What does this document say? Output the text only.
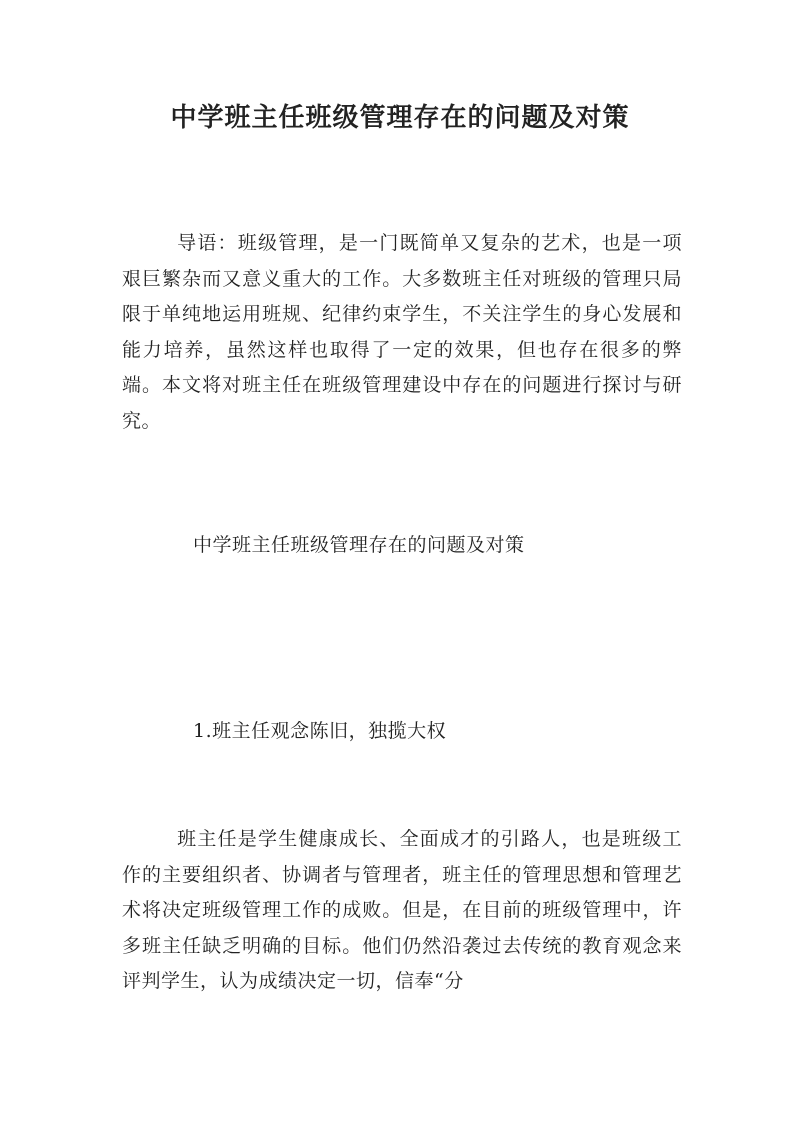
中学班主任班级管理存在的问题及对策

导语：班级管理，是一门既简单又复杂的艺术，也是一项艰巨繁杂而又意义重大的工作。大多数班主任对班级的管理只局限于单纯地运用班规、纪律约束学生，不关注学生的身心发展和能力培养，虽然这样也取得了一定的效果，但也存在很多的弊端。本文将对班主任在班级管理建设中存在的问题进行探讨与研究。

中学班主任班级管理存在的问题及对策

1.班主任观念陈旧，独揽大权

班主任是学生健康成长、全面成才的引路人，也是班级工作的主要组织者、协调者与管理者，班主任的管理思想和管理艺术将决定班级管理工作的成败。但是，在目前的班级管理中，许多班主任缺乏明确的目标。他们仍然沿袭过去传统的教育观念来评判学生，认为成绩决定一切，信奉“分
